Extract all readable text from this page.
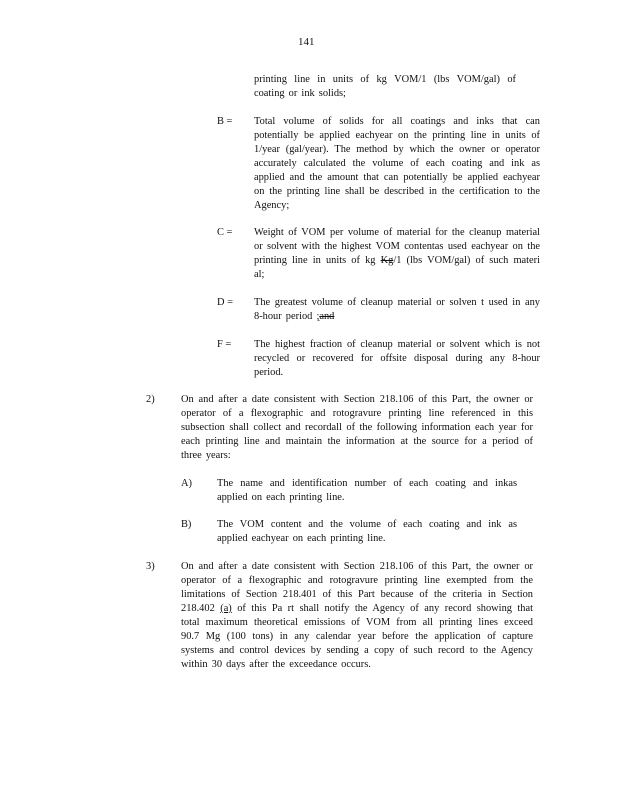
141
printing line in units of kg VOM/1 (lbs VOM/gal) of coating or ink solids;
B = Total volume of solids for all coatings and inks that can potentially be applied eachyear on the printing line in units of 1/year (gal/year). The method by which the owner or operator accurately calculated the volume of each coating and ink as applied and the amount that can potentially be applied eachyear on the printing line shall be described in the certification to the Agency;
C = Weight of VOM per volume of material for the cleanup material or solvent with the highest VOM contentas used eachyear on the printing line in units of kg Kg/1 (lbs VOM/gal) of such materi al;
D = The greatest volume of cleanup material or solven t used in any 8-hour period ;and
F = The highest fraction of cleanup material or solvent which is not recycled or recovered for offsite disposal during any 8-hour period.
2)	On and after a date consistent with Section 218.106 of this Part, the owner or operator of a flexographic and rotogravure printing line referenced in this subsection shall collect and recordall of the following information each year for each printing line and maintain the information at the source for a period of three years:
A) The name and identification number of each coating and inkas applied on each printing line.
B) The VOM content and the volume of each coating and ink as applied eachyear on each printing line.
3)	On and after a date consistent with Section 218.106 of this Part, the owner or operator of a flexographic and rotogravure printing line exempted from the limitations of Section 218.401 of this Part because of the criteria in Section 218.402 (a) of this Pa rt shall notify the Agency of any record showing that total maximum theoretical emissions of VOM from all printing lines exceed 90.7 Mg (100 tons) in any calendar year before the application of capture systems and control devices by sending a copy of such record to the Agency within 30 days after the exceedance occurs.
